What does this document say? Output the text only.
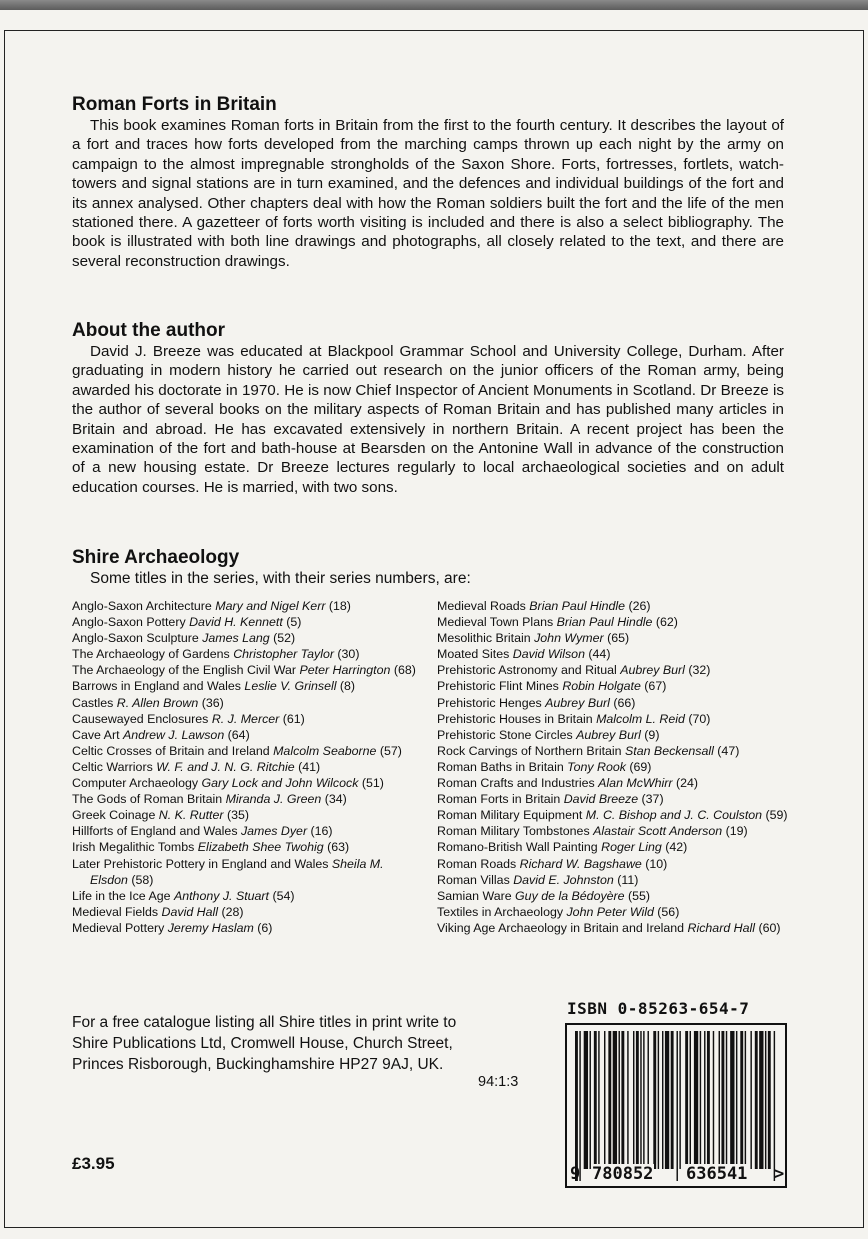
Roman Forts in Britain

This book examines Roman forts in Britain from the first to the fourth century. It describes the layout of a fort and traces how forts developed from the marching camps thrown up each night by the army on campaign to the almost impregnable strongholds of the Saxon Shore. Forts, fortresses, fortlets, watch-towers and signal stations are in turn examined, and the defences and individual buildings of the fort and its annex analysed. Other chapters deal with how the Roman soldiers built the fort and the life of the men stationed there. A gazetteer of forts worth visiting is included and there is also a select bibliography. The book is illustrated with both line drawings and photographs, all closely related to the text, and there are several reconstruction drawings.

About the author

David J. Breeze was educated at Blackpool Grammar School and University College, Durham. After graduating in modern history he carried out research on the junior officers of the Roman army, being awarded his doctorate in 1970. He is now Chief Inspector of Ancient Monuments in Scotland. Dr Breeze is the author of several books on the military aspects of Roman Britain and has published many articles in Britain and abroad. He has excavated extensively in northern Britain. A recent project has been the examination of the fort and bath-house at Bearsden on the Antonine Wall in advance of the construction of a new housing estate. Dr Breeze lectures regularly to local archaeological societies and on adult education courses. He is married, with two sons.

Shire Archaeology

Some titles in the series, with their series numbers, are:

Anglo-Saxon Architecture Mary and Nigel Kerr (18)

Anglo-Saxon Pottery David H. Kennett (5)

Anglo-Saxon Sculpture James Lang (52)

The Archaeology of Gardens Christopher Taylor (30)

The Archaeology of the English Civil War Peter Harrington (68)

Barrows in England and Wales Leslie V. Grinsell (8)

Castles R. Allen Brown (36)

Causewayed Enclosures R. J. Mercer (61)

Cave Art Andrew J. Lawson (64)

Celtic Crosses of Britain and Ireland Malcolm Seaborne (57)

Celtic Warriors W. F. and J. N. G. Ritchie (41)

Computer Archaeology Gary Lock and John Wilcock (51)

The Gods of Roman Britain Miranda J. Green (34)

Greek Coinage N. K. Rutter (35)

Hillforts of England and Wales James Dyer (16)

Irish Megalithic Tombs Elizabeth Shee Twohig (63)

Later Prehistoric Pottery in England and Wales Sheila M. Elsdon (58)

Life in the Ice Age Anthony J. Stuart (54)

Medieval Fields David Hall (28)

Medieval Pottery Jeremy Haslam (6)

Medieval Roads Brian Paul Hindle (26)

Medieval Town Plans Brian Paul Hindle (62)

Mesolithic Britain John Wymer (65)

Moated Sites David Wilson (44)

Prehistoric Astronomy and Ritual Aubrey Burl (32)

Prehistoric Flint Mines Robin Holgate (67)

Prehistoric Henges Aubrey Burl (66)

Prehistoric Houses in Britain Malcolm L. Reid (70)

Prehistoric Stone Circles Aubrey Burl (9)

Rock Carvings of Northern Britain Stan Beckensall (47)

Roman Baths in Britain Tony Rook (69)

Roman Crafts and Industries Alan McWhirr (24)

Roman Forts in Britain David Breeze (37)

Roman Military Equipment M. C. Bishop and J. C. Coulston (59)

Roman Military Tombstones Alastair Scott Anderson (19)

Romano-British Wall Painting Roger Ling (42)

Roman Roads Richard W. Bagshawe (10)

Roman Villas David E. Johnston (11)

Samian Ware Guy de la Bédoyère (55)

Textiles in Archaeology John Peter Wild (56)

Viking Age Archaeology in Britain and Ireland Richard Hall (60)

For a free catalogue listing all Shire titles in print write to
Shire Publications Ltd, Cromwell House, Church Street,
Princes Risborough, Buckinghamshire HP27 9AJ, UK.
94:1:3
£3.95
ISBN 0-85263-654-7
9 780852 636541 >
